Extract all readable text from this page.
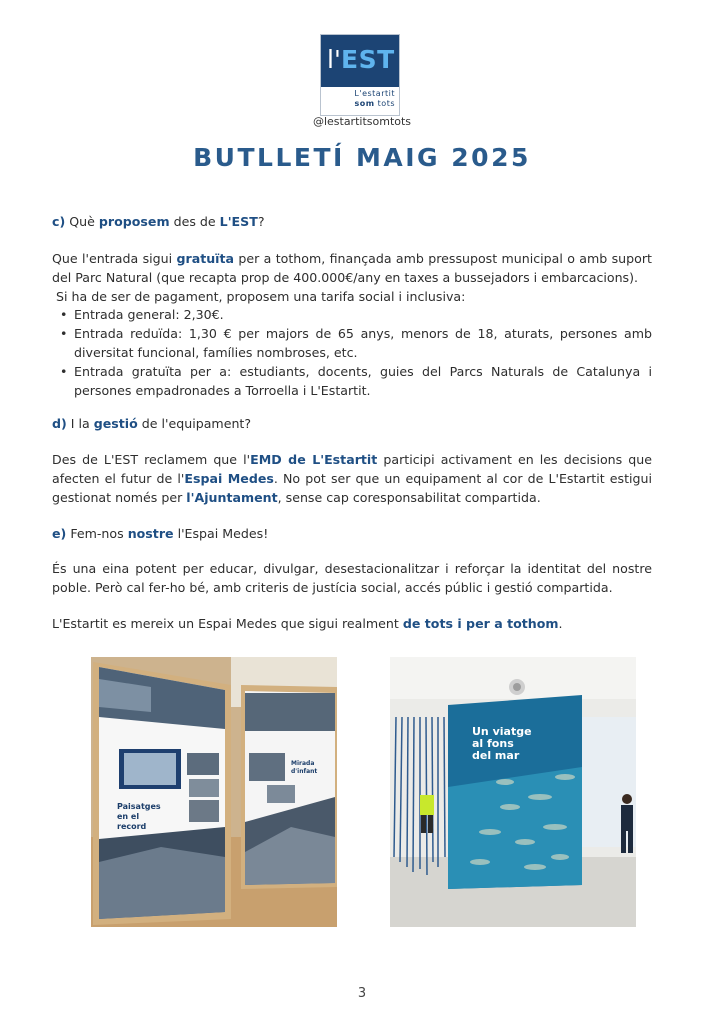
l' EST
L'estartit
som tots
@lestartitsomtots
BUTLLETÍ MAIG 2025
c) Què proposem des de L'EST?
Que l'entrada sigui gratuïta per a tothom, finançada amb pressupost municipal o amb suport del Parc Natural (que recapta prop de 400.000€/any en taxes a bussejadors i embarcacions).
Si ha de ser de pagament, proposem una tarifa social i inclusiva:
• Entrada general: 2,30€.
• Entrada reduïda: 1,30 € per majors de 65 anys, menors de 18, aturats, persones amb diversitat funcional, famílies nombroses, etc.
• Entrada gratuïta per a: estudiants, docents, guies del Parcs Naturals de Catalunya i persones empadronades a Torroella i L'Estartit.
d) I la gestió de l'equipament?
Des de L'EST reclamem que l'EMD de L'Estartit participi activament en les decisions que afecten el futur de l'Espai Medes. No pot ser que un equipament al cor de L'Estartit estigui gestionat només per l'Ajuntament, sense cap coresponsabilitat compartida.
e) Fem-nos nostre l'Espai Medes!
És una eina potent per educar, divulgar, desestacionalitzar i reforçar la identitat del nostre poble. Però cal fer-ho bé, amb criteris de justícia social, accés públic i gestió compartida.
L'Estartit es mereix un Espai Medes que sigui realment de tots i per a tothom.
Paisatges en el record
Mirada d'infant
Un viatge al fons del mar
3
